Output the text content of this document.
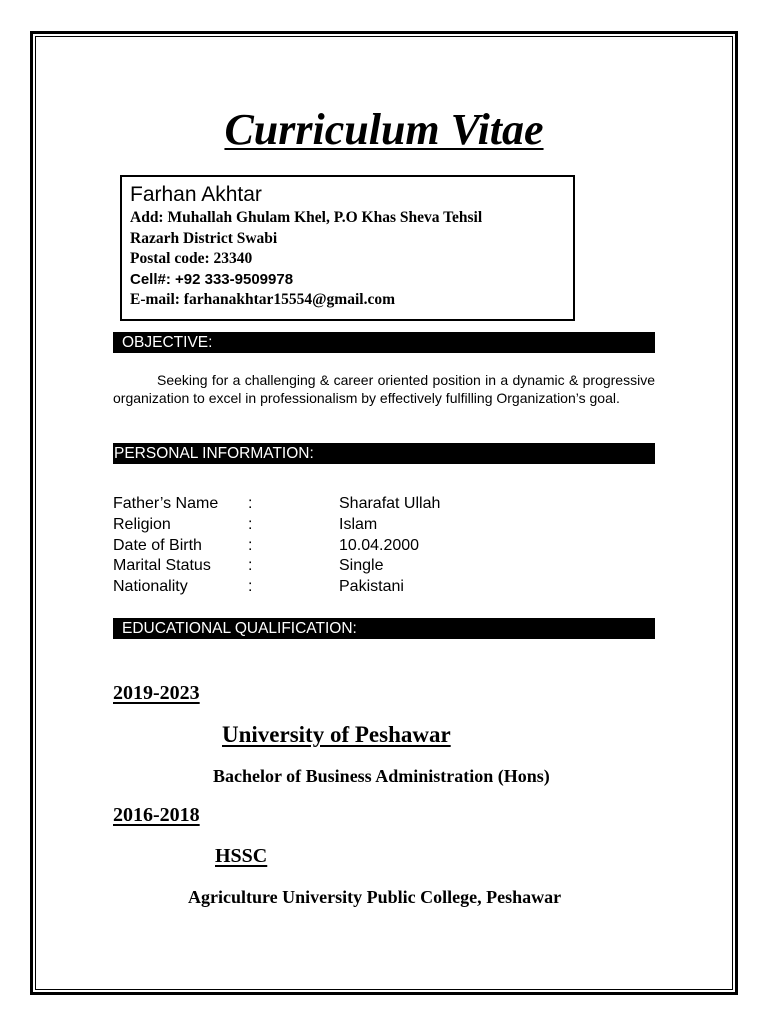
Curriculum Vitae

Farhan Akhtar

Add: Muhallah Ghulam Khel, P.O Khas Sheva Tehsil

Razarh District Swabi

Postal code: 23340

Cell#: +92 333-9509978

E-mail: farhanakhtar15554@gmail.com

OBJECTIVE:

Seeking for a challenging & career oriented position in a dynamic & progressive organization to excel in professionalism by effectively fulfilling Organization’s goal.

PERSONAL INFORMATION:
Father’s Name :	Sharafat Ullah
Religion	:	Islam
Date of Birth	:	10.04.2000
Marital Status :	Single
Nationality	:	Pakistani
EDUCATIONAL QUALIFICATION:

2019-2023

University of Peshawar

Bachelor of Business Administration (Hons)

2016-2018

HSSC

Agriculture University Public College, Peshawar
